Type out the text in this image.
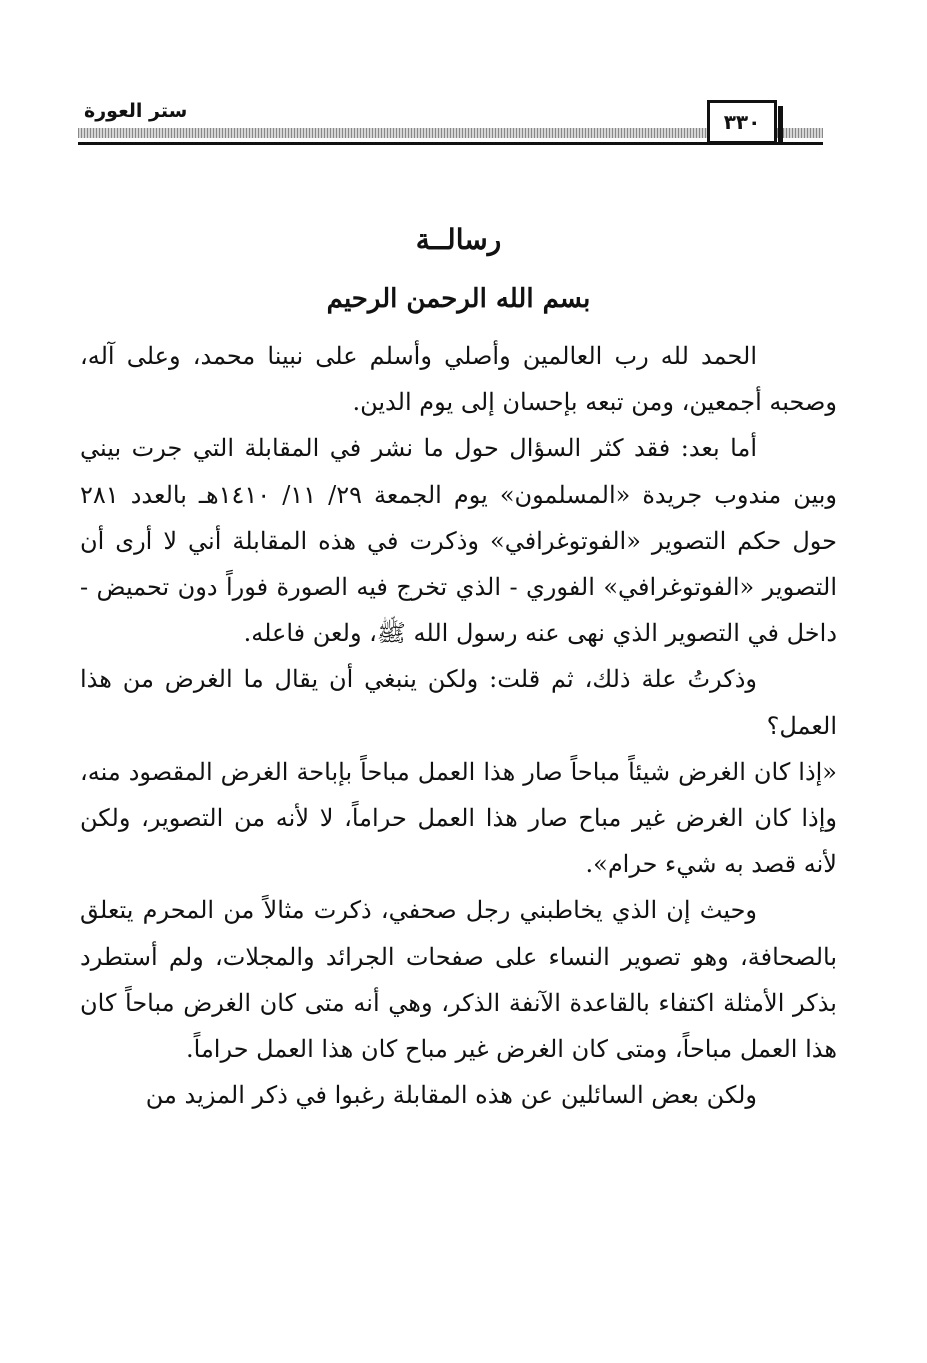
ستر العورة	٣٣٠
رسالــة
بسم الله الرحمن الرحيم

الحمد لله رب العالمين وأصلي وأسلم على نبينا محمد، وعلى آله، وصحبه أجمعين، ومن تبعه بإحسان إلى يوم الدين.

أما بعد: فقد كثر السؤال حول ما نشر في المقابلة التي جرت بيني وبين مندوب جريدة «المسلمون» يوم الجمعة ٢٩/ ١١/ ١٤١٠هـ بالعدد ٢٨١ حول حكم التصوير «الفوتوغرافي» وذكرت في هذه المقابلة أني لا أرى أن التصوير «الفوتوغرافي» الفوري - الذي تخرج فيه الصورة فوراً دون تحميض - داخل في التصوير الذي نهى عنه رسول الله ﷺ، ولعن فاعله.

وذكرتُ علة ذلك، ثم قلت: ولكن ينبغي أن يقال ما الغرض من هذا العمل؟

«إذا كان الغرض شيئاً مباحاً صار هذا العمل مباحاً بإباحة الغرض المقصود منه، وإذا كان الغرض غير مباح صار هذا العمل حراماً، لا لأنه من التصوير، ولكن لأنه قصد به شيء حرام».

وحيث إن الذي يخاطبني رجل صحفي، ذكرت مثالاً من المحرم يتعلق بالصحافة، وهو تصوير النساء على صفحات الجرائد والمجلات، ولم أستطرد بذكر الأمثلة اكتفاء بالقاعدة الآنفة الذكر، وهي أنه متى كان الغرض مباحاً كان هذا العمل مباحاً، ومتى كان الغرض غير مباح كان هذا العمل حراماً.

ولكن بعض السائلين عن هذه المقابلة رغبوا في ذكر المزيد من
